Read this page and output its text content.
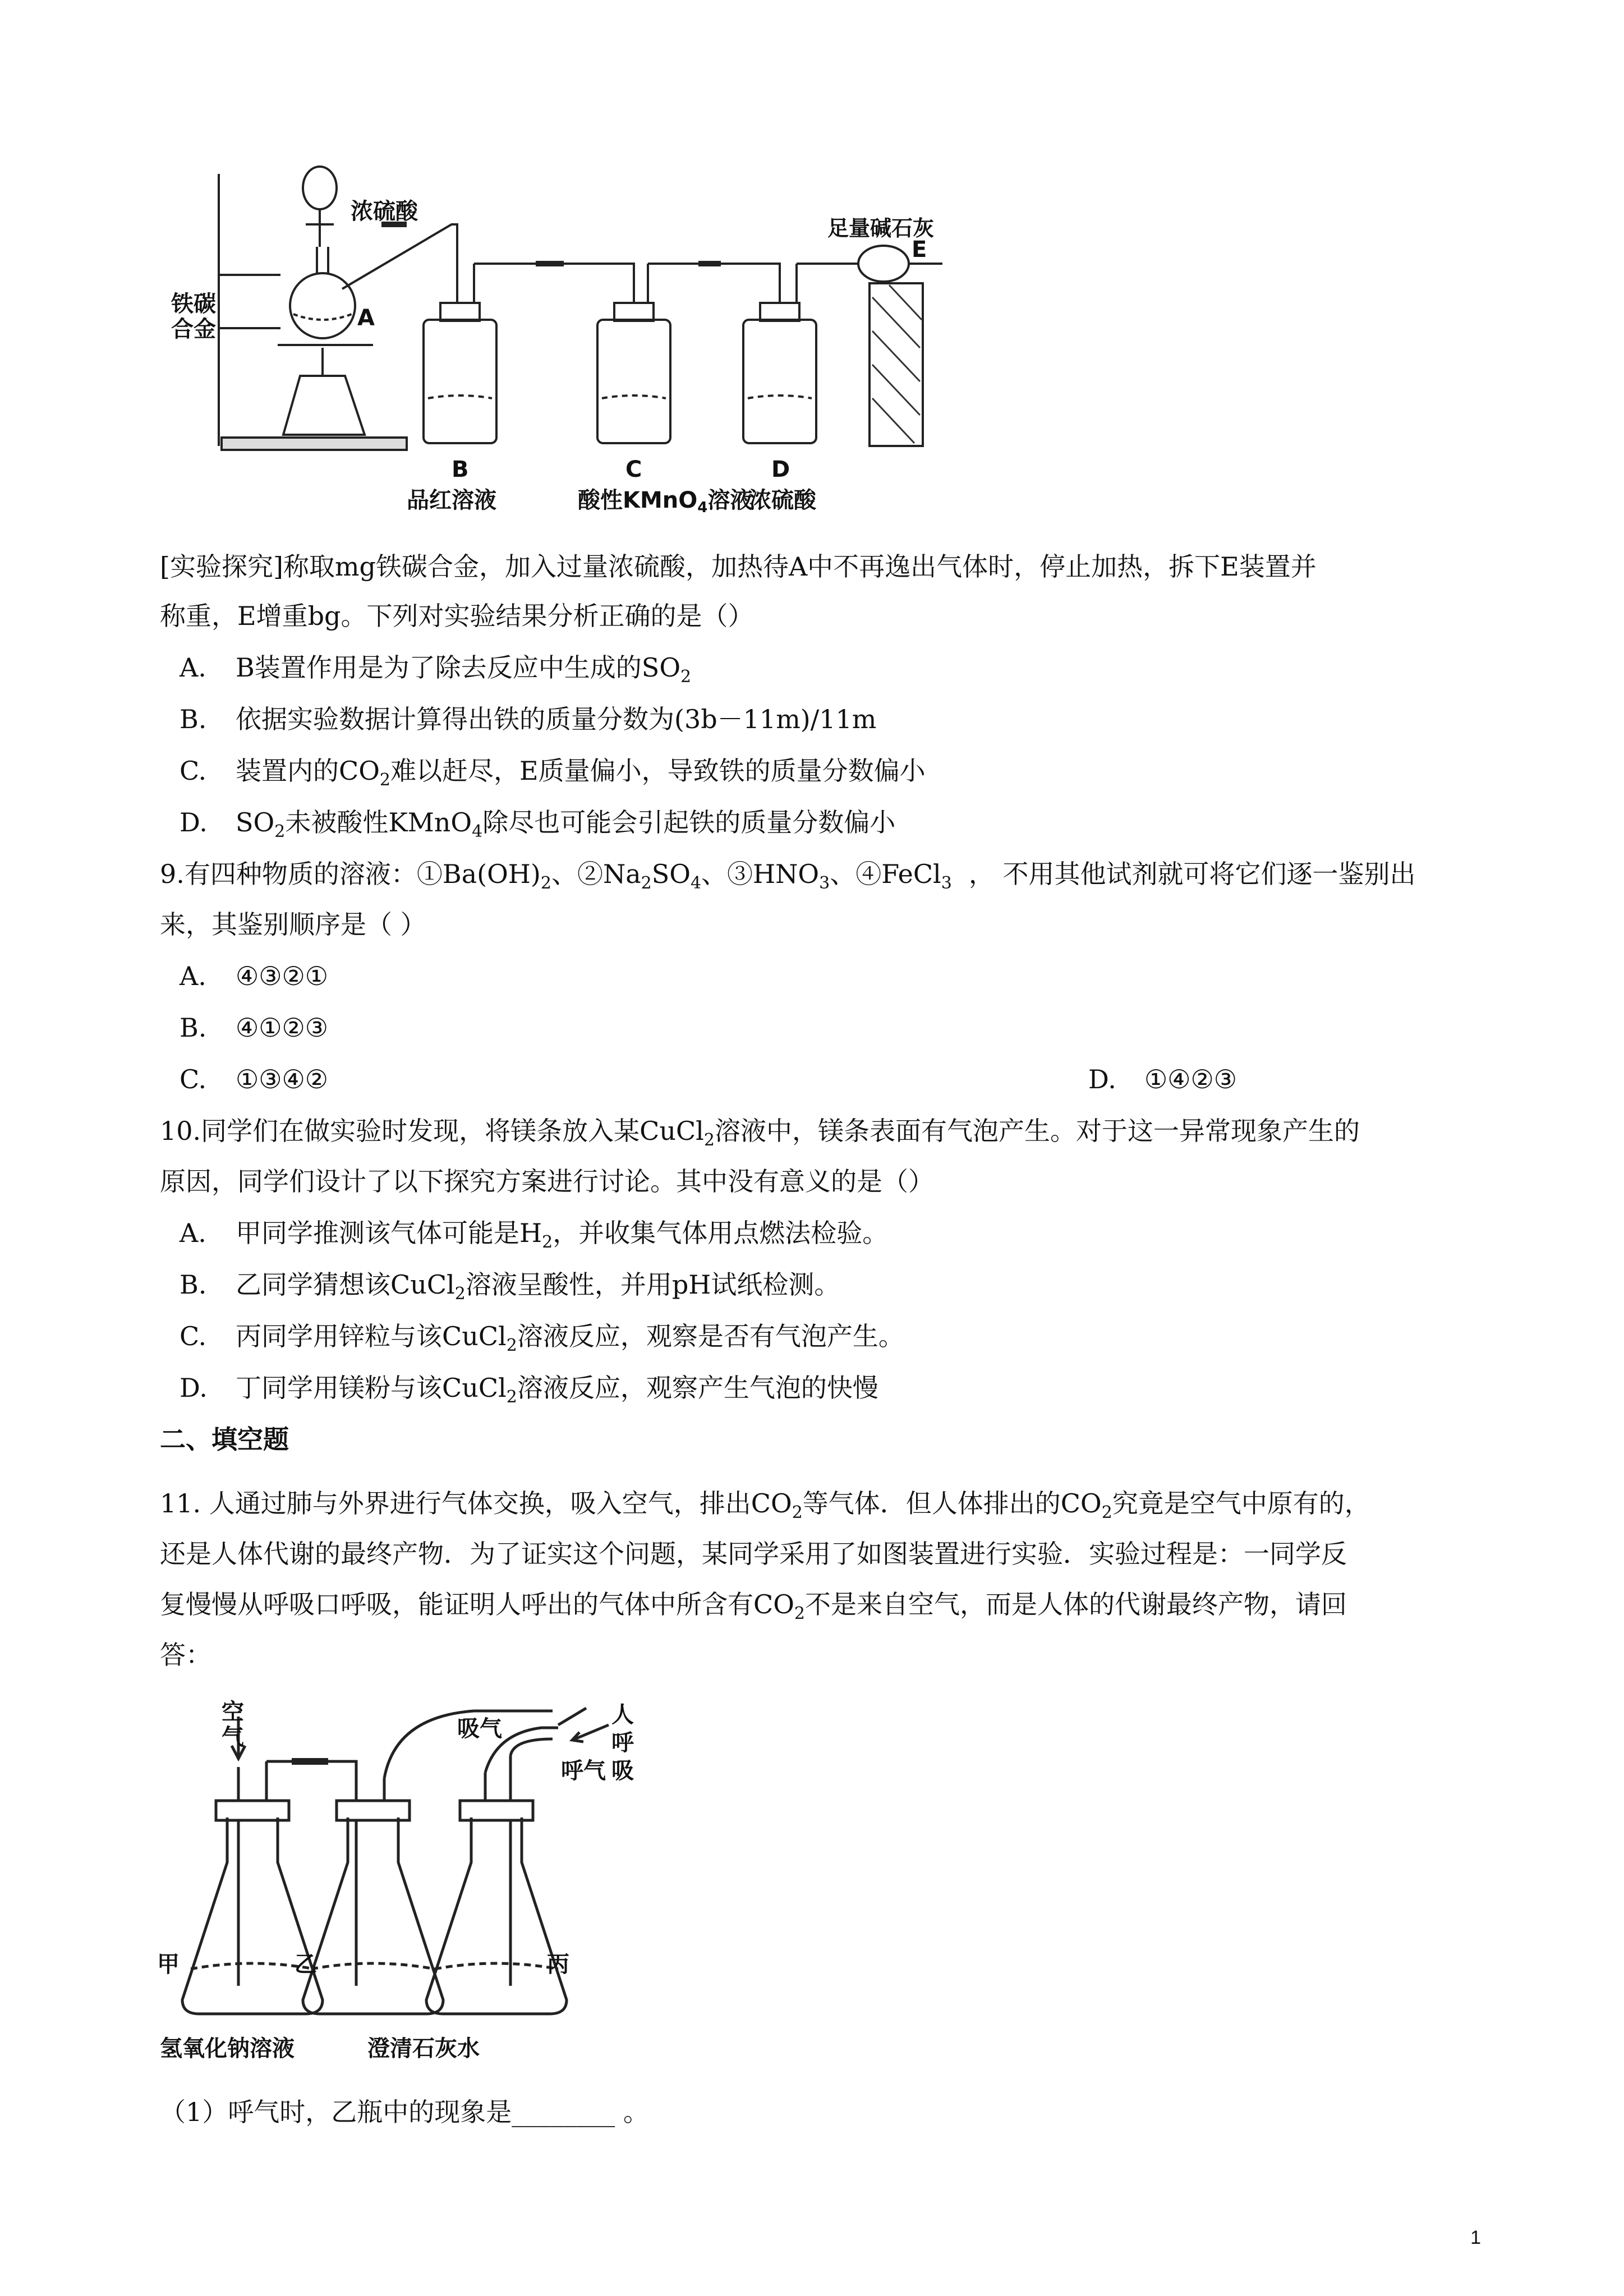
浓硫酸
铁碳
合金	A
足量碱石灰
E
B	C	D
品红溶液	酸性KMnO$_4$溶液
浓硫酸
[实验探究]称取mg铁碳合金，加入过量浓硫酸，加热待A中不再逸出气体时，停止加热，拆下E装置并
称重，E增重bg。下列对实验结果分析正确的是（）
A. B装置作用是为了除去反应中生成的$SO_2$
B. 依据实验数据计算得出铁的质量分数为(3b－11m)/11m
C. 装置内的$CO_2$难以赶尽，E质量偏小，导致铁的质量分数偏小
D. $SO_2$未被酸性KMnO$_4$除尽也可能会引起铁的质量分数偏小
9.有四种物质的溶液：$①Ba(OH)_2$、$②Na_2SO_4$、$③HNO_3$、④FeCl$_3$ ， 不用其他试剂就可将它们逐一鉴别出
来，其鉴别顺序是（ ）
A. ④③②①
B. ④①②③
C. ①③④②	D. ①④②③
10.同学们在做实验时发现，将镁条放入某CuCl$_2$溶液中，镁条表面有气泡产生。对于这一异常现象产生的
原因，同学们设计了以下探究方案进行讨论。其中没有意义的是（）
A. 甲同学推测该气体可能是$H_2$，并收集气体用点燃法检验。
B. 乙同学猜想该CuCl$_2$溶液呈酸性，并用pH试纸检测。
C. 丙同学用锌粒与该CuCl$_2$溶液反应，观察是否有气泡产生。
D. 丁同学用镁粉与该CuCl$_2$溶液反应，观察产生气泡的快慢
二、填空题
11. 人通过肺与外界进行气体交换，吸入空气，排出$CO_2$等气体．但人体排出的$CO_2$究竟是空气中原有的，
还是人体代谢的最终产物．为了证实这个问题，某同学采用了如图装置进行实验．实验过程是：一同学反
复慢慢从呼吸口呼吸，能证明人呼出的气体中所含有$CO_2$不是来自空气，而是人体的代谢最终产物，请回
答：
吸气
人
呼
吸
呼气
空
气
甲	乙	丙
氢氧化钠溶液	澄清石灰水
（1）呼气时，乙瓶中的现象是________ 。
1
